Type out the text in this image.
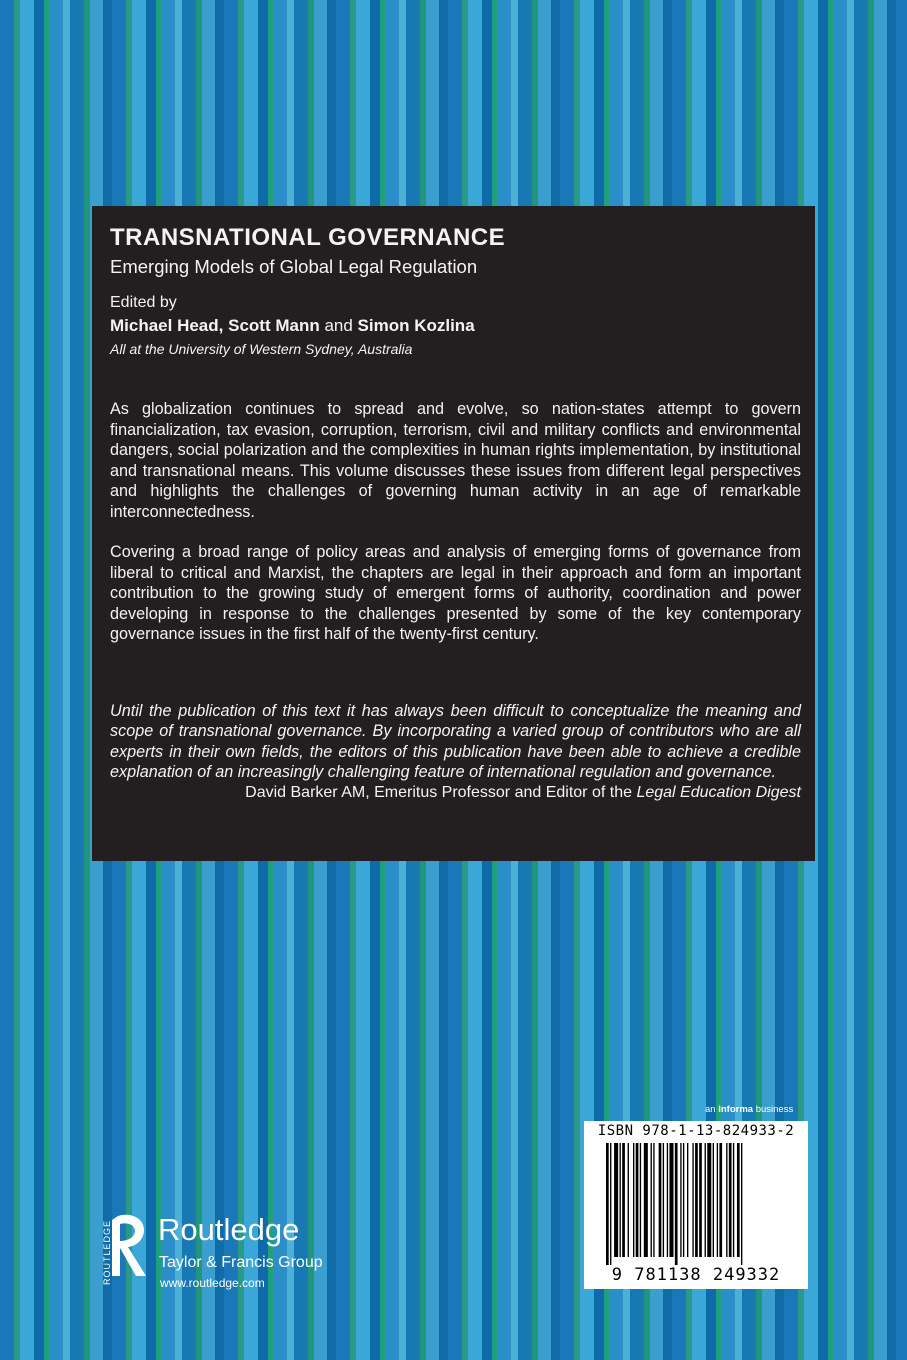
TRANSNATIONAL GOVERNANCE

Emerging Models of Global Legal Regulation

Edited by

Michael Head, Scott Mann and Simon Kozlina

All at the University of Western Sydney, Australia

As globalization continues to spread and evolve, so nation-states attempt to govern financialization, tax evasion, corruption, terrorism, civil and military conflicts and environmental dangers, social polarization and the complexities in human rights implementation, by institutional and transnational means. This volume discusses these issues from different legal perspectives and highlights the challenges of governing human activity in an age of remarkable interconnectedness.

Covering a broad range of policy areas and analysis of emerging forms of governance from liberal to critical and Marxist, the chapters are legal in their approach and form an important contribution to the growing study of emergent forms of authority, coordination and power developing in response to the challenges presented by some of the key contemporary governance issues in the first half of the twenty-first century.

Until the publication of this text it has always been difficult to conceptualize the meaning and scope of transnational governance. By incorporating a varied group of contributors who are all experts in their own fields, the editors of this publication have been able to achieve a credible explanation of an increasingly challenging feature of international regulation and governance.

David Barker AM, Emeritus Professor and Editor of the Legal Education Digest

an Informa business
ISBN 978-1-13-824933-2
9 781138 249332
ROUTLEDGE Routledge
Taylor & Francis Group
www.routledge.com
